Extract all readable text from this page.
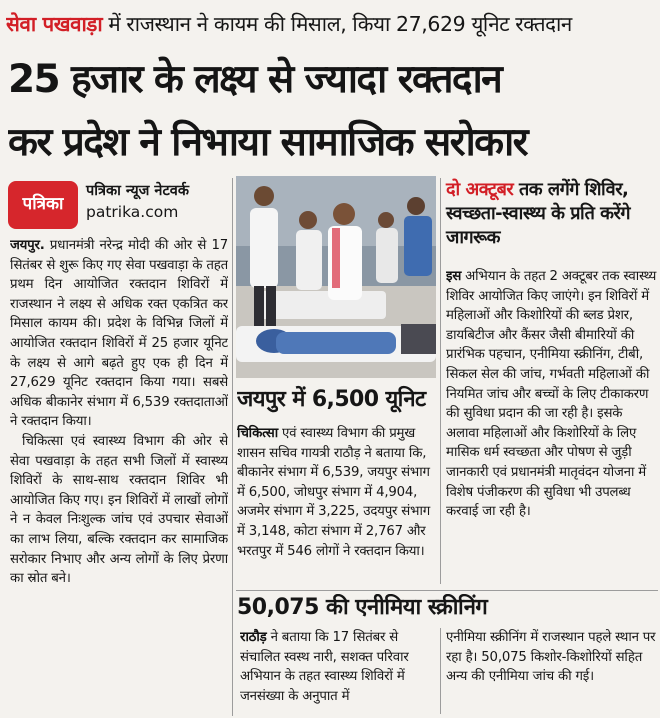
सेवा पखवाड़ा में राजस्थान ने कायम की मिसाल, किया 27,629 यूनिट रक्तदान
25 हजार के लक्ष्य से ज्यादा रक्तदान
कर प्रदेश ने निभाया सामाजिक सरोकार
पत्रिका
पत्रिका न्यूज नेटवर्क
patrika.com

जयपुर. प्रधानमंत्री नरेन्द्र मोदी की ओर से 17 सितंबर से शुरू किए गए सेवा पखवाड़ा के तहत प्रथम दिन आयोजित रक्तदान शिविरों में राजस्थान ने लक्ष्य से अधिक रक्त एकत्रित कर मिसाल कायम की। प्रदेश के विभिन्न जिलों में आयोजित रक्तदान शिविरों में 25 हजार यूनिट के लक्ष्य से आगे बढ़ते हुए एक ही दिन में 27,629 यूनिट रक्तदान किया गया। सबसे अधिक बीकानेर संभाग में 6,539 रक्तदाताओं ने रक्तदान किया।

चिकित्सा एवं स्वास्थ्य विभाग की ओर से सेवा पखवाड़ा के तहत सभी जिलों में स्वास्थ्य शिविरों के साथ-साथ रक्तदान शिविर भी आयोजित किए गए। इन शिविरों में लाखों लोगों ने न केवल निःशुल्क जांच एवं उपचार सेवाओं का लाभ लिया, बल्कि रक्तदान कर सामाजिक सरोकार निभाए और अन्य लोगों के लिए प्रेरणा का स्रोत बने।

जयपुर में 6,500 यूनिट

चिकित्सा एवं स्वास्थ्य विभाग की प्रमुख शासन सचिव गायत्री राठौड़ ने बताया कि, बीकानेर संभाग में 6,539, जयपुर संभाग में 6,500, जोधपुर संभाग में 4,904, अजमेर संभाग में 3,225, उदयपुर संभाग में 3,148, कोटा संभाग में 2,767 और भरतपुर में 546 लोगों ने रक्तदान किया।

दो अक्टूबर तक लगेंगे शिविर, स्वच्छता-स्वास्थ्य के प्रति करेंगे जागरूक

इस अभियान के तहत 2 अक्टूबर तक स्वास्थ्य शिविर आयोजित किए जाएंगे। इन शिविरों में महिलाओं और किशोरियों की ब्लड प्रेशर, डायबिटीज और कैंसर जैसी बीमारियों की प्रारंभिक पहचान, एनीमिया स्क्रीनिंग, टीबी, सिकल सेल की जांच, गर्भवती महिलाओं की नियमित जांच और बच्चों के लिए टीकाकरण की सुविधा प्रदान की जा रही है। इसके अलावा महिलाओं और किशोरियों के लिए मासिक धर्म स्वच्छता और पोषण से जुड़ी जानकारी एवं प्रधानमंत्री मातृवंदन योजना में विशेष पंजीकरण की सुविधा भी उपलब्ध करवाई जा रही है।

50,075 की एनीमिया स्क्रीनिंग

राठौड़ ने बताया कि 17 सितंबर से संचालित स्वस्थ नारी, सशक्त परिवार अभियान के तहत स्वास्थ्य शिविरों में जनसंख्या के अनुपात में

एनीमिया स्क्रीनिंग में राजस्थान पहले स्थान पर रहा है। 50,075 किशोर-किशोरियों सहित अन्य की एनीमिया जांच की गई।
